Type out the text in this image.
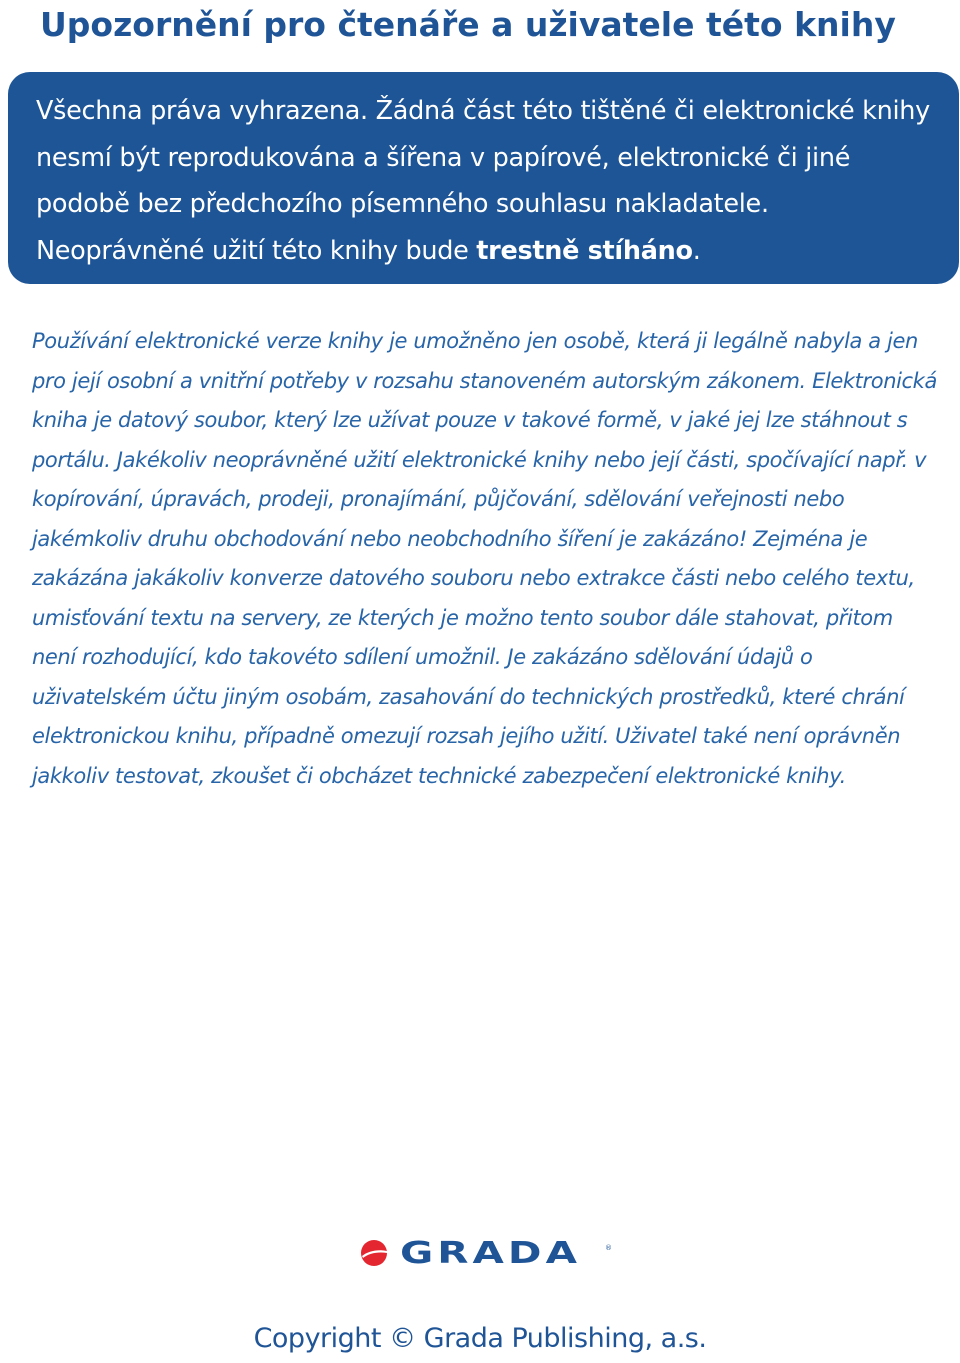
Upozornění pro čtenáře a uživatele této knihy

Všechna práva vyhrazena. Žádná část této tištěné či elektronické knihy nesmí být reprodukována a šířena v papírové, elektronické či jiné podobě bez předchozího písemného souhlasu nakladatele. Neoprávněné užití této knihy bude trestně stíháno.

Používání elektronické verze knihy je umožněno jen osobě, která ji legálně nabyla a jen pro její osobní a vnitřní potřeby v rozsahu stanoveném autorským zákonem. Elektronická kniha je datový soubor, který lze užívat pouze v takové formě, v jaké jej lze stáhnout s portálu. Jakékoliv neoprávněné užití elektronické knihy nebo její části, spočívající např. v kopírování, úpravách, prodeji, pronajímání, půjčování, sdělování veřejnosti nebo jakémkoliv druhu obchodování nebo neobchodního šíření je zakázáno! Zejména je zakázána jakákoliv konverze datového souboru nebo extrakce části nebo celého textu, umisťování textu na servery, ze kterých je možno tento soubor dále stahovat, přitom není rozhodující, kdo takovéto sdílení umožnil. Je zakázáno sdělování údajů o uživatelském účtu jiným osobám, zasahování do technických prostředků, které chrání elektronickou knihu, případně omezují rozsah jejího užití. Uživatel také není oprávněn jakkoliv testovat, zkoušet či obcházet technické zabezpečení elektronické knihy.

GRADA	®

Copyright © Grada Publishing, a.s.
